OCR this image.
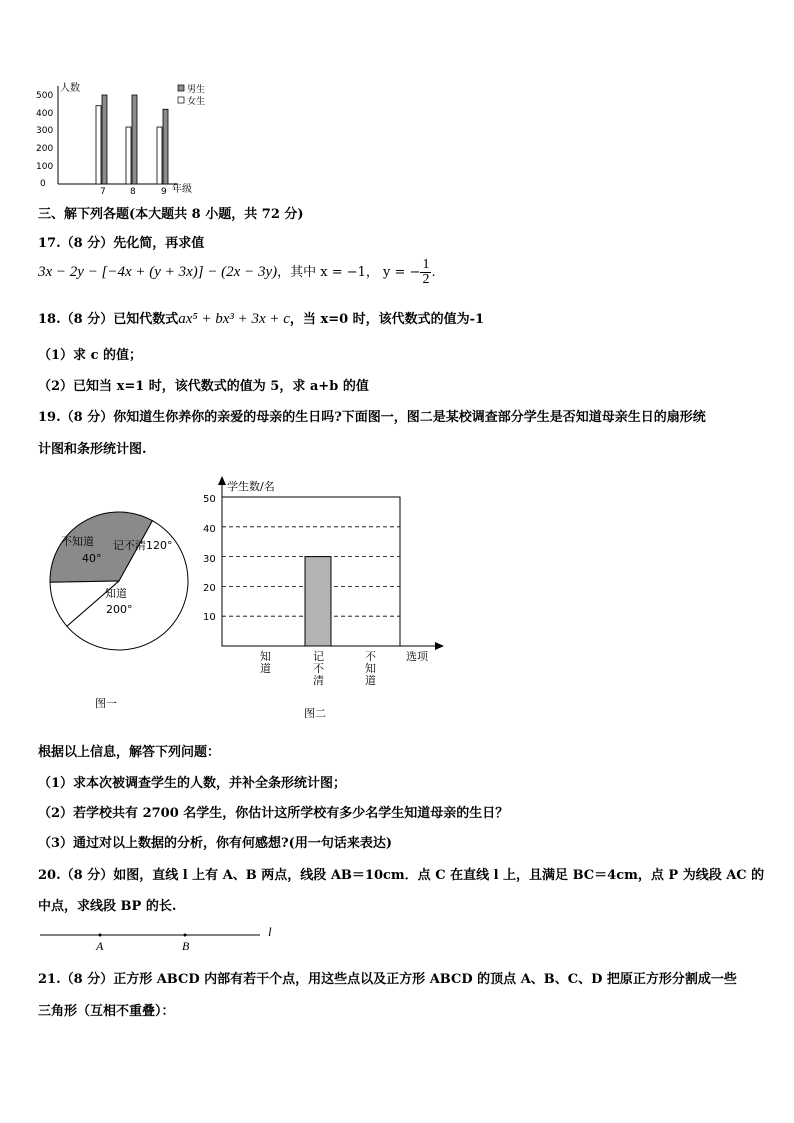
人数
500
400
300
200
100
0
7	8	9 年级
男生
女生
三、解下列各题(本大题共 8 小题，共 72 分)
17.（8 分）先化简，再求值
3x − 2y − [−4x + (y + 3x)] − (2x − 3y)，其中 x = −1， y = − $\frac{1}{2}$ .
18.（8 分）已知代数式ax⁵ + bx³ + 3x + c，当 x=0 时，该代数式的值为-1
（1）求 c 的值；
（2）已知当 x=1 时，该代数式的值为 5，求 a+b 的值
19.（8 分）你知道生你养你的亲爱的母亲的生日吗?下面图一，图二是某校调查部分学生是否知道母亲生日的扇形统
计图和条形统计图.
记不清120°
不知道
40°
知道
200°
图一
学生数/名
50
40
30
20
10
选项
图二
知道
记不清
不知道
根据以上信息，解答下列问题：
（1）求本次被调查学生的人数，并补全条形统计图；
（2）若学校共有 2700 名学生，你估计这所学校有多少名学生知道母亲的生日？
（3）通过对以上数据的分析，你有何感想?(用一句话来表达)
20.（8 分）如图，直线 l 上有 A、B 两点，线段 AB＝10cm．点 C 在直线 l 上，且满足 BC＝4cm，点 P 为线段 AC 的
中点，求线段 BP 的长.
A	B
l
21.（8 分）正方形 ABCD 内部有若干个点，用这些点以及正方形 ABCD 的顶点 A、B、C、D 把原正方形分割成一些
三角形（互相不重叠）：
